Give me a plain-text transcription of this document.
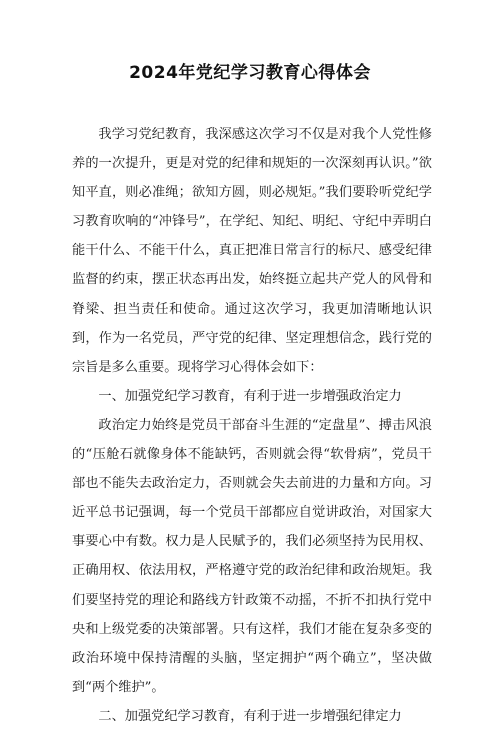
2024年党纪学习教育心得体会

我学习党纪教育，我深感这次学习不仅是对我个人党性修养的一次提升，更是对党的纪律和规矩的一次深刻再认识。”欲知平直，则必准绳；欲知方圆，则必规矩。”我们要聆听党纪学习教育吹响的“冲锋号”，在学纪、知纪、明纪、守纪中弄明白能干什么、不能干什么，真正把准日常言行的标尺、感受纪律监督的约束，摆正状态再出发，始终挺立起共产党人的风骨和脊梁、担当责任和使命。通过这次学习，我更加清晰地认识到，作为一名党员，严守党的纪律、坚定理想信念，践行党的宗旨是多么重要。现将学习心得体会如下：

一、加强党纪学习教育，有利于进一步增强政治定力

政治定力始终是党员干部奋斗生涯的“定盘星”、搏击风浪的“压舱石就像身体不能缺钙，否则就会得“软骨病”，党员干部也不能失去政治定力，否则就会失去前进的力量和方向。习近平总书记强调，每一个党员干部都应自觉讲政治，对国家大事要心中有数。权力是人民赋予的，我们必须坚持为民用权、正确用权、依法用权，严格遵守党的政治纪律和政治规矩。我们要坚持党的理论和路线方针政策不动摇，不折不扣执行党中央和上级党委的决策部署。只有这样，我们才能在复杂多变的政治环境中保持清醒的头脑，坚定拥护“两个确立”，坚决做到“两个维护”。

二、加强党纪学习教育，有利于进一步增强纪律定力
